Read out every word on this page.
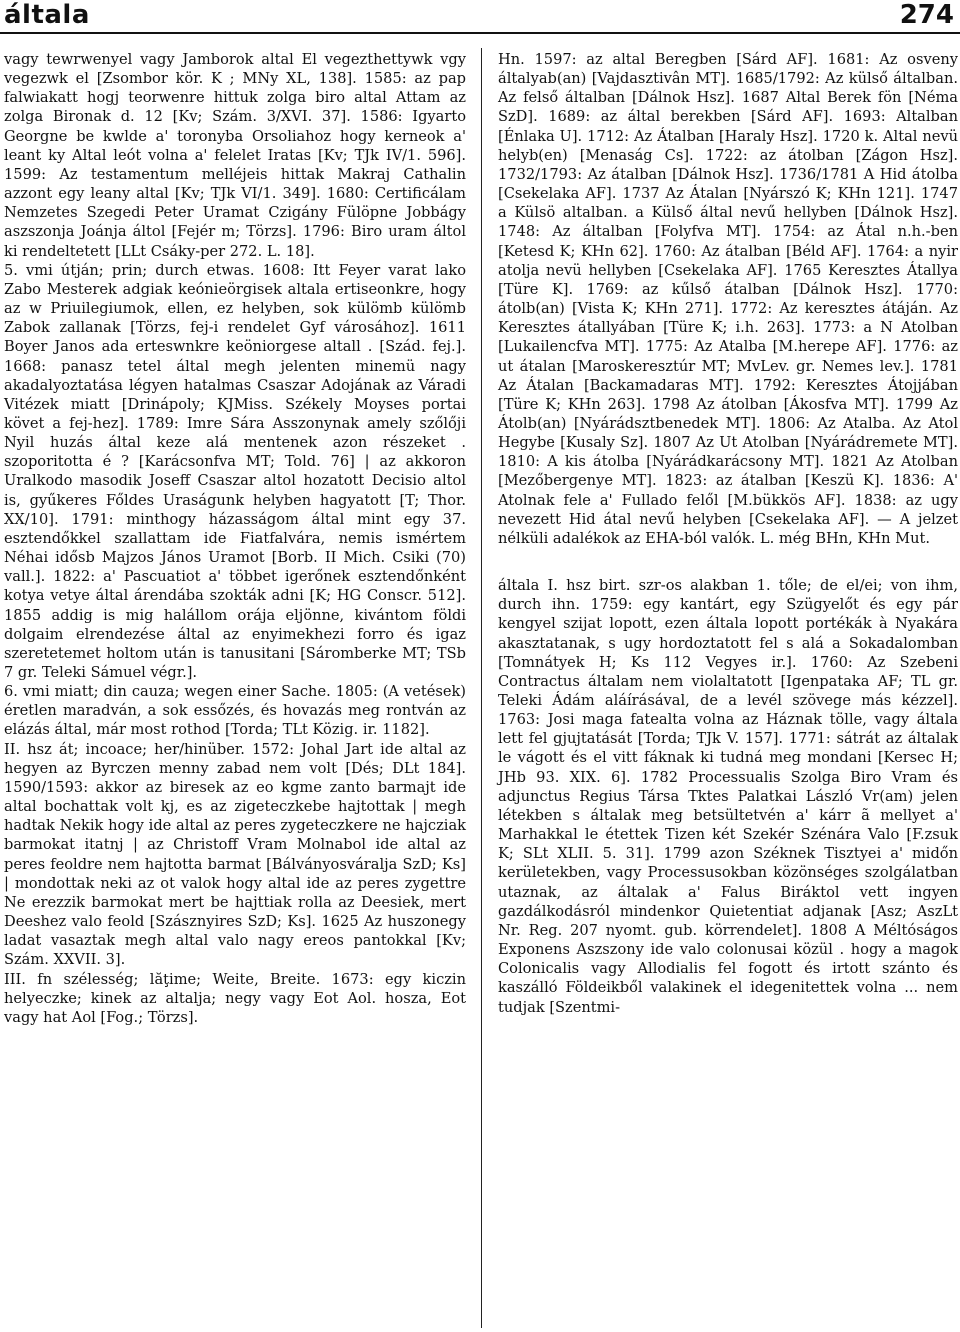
általa	274

vagy tewrwenyel vagy Jamborok altal El vegezthettywk vgy vegezwk el [Zsombor kör. K ; MNy XL, 138]. 1585: az pap falwiakatt hogj teorwenre hittuk zolga biro altal Attam az zolga Bironak d. 12 [Kv; Szám. 3/XVI. 37]. 1586: Igyarto Georgne be kwlde a' toronyba Orsoliahoz hogy kerneok a' leant ky Altal leót volna a' felelet Iratas [Kv; TJk IV/1. 596]. 1599: Az testamentum melléjeis hittak Makraj Cathalin azzont egy leany altal [Kv; TJk VI/1. 349]. 1680: Certificálam Nemzetes Szegedi Peter Uramat Czigány Fülöpne Jobbágy aszszonja Joánja áltol [Fejér m; Törzs]. 1796: Biro uram áltol ki rendeltetett [LLt Csáky-per 272. L. 18].

5. vmi útján; prin; durch etwas. 1608: Itt Feyer varat lako Zabo Mesterek adgiak keónieörgisek altala ertiseonkre, hogy az w Priuilegiumok, ellen, ez helyben, sok külömb külömb Zabok zallanak [Törzs, fej-i rendelet Gyf városához]. 1611 Boyer Janos ada erteswnkre keöniorgese altall . [Szád. fej.]. 1668: panasz tetel által megh jelenten minemü nagy akadalyoztatása légyen hatalmas Csaszar Adojának az Váradi Vitézek miatt [Drinápoly; KJMiss. Székely Moyses portai követ a fej-hez]. 1789: Imre Sára Asszonynak amely szőlőji Nyil huzás által keze alá mentenek azon részeket . szoporitotta é ? [Karácsonfva MT; Told. 76] | az akkoron Uralkodo masodik Joseff Csaszar altol hozatott Decisio altol is, gyűkeres Főldes Uraságunk helyben hagyatott [T; Thor. XX/10]. 1791: minthogy házasságom által mint egy 37. esztendőkkel szallattam ide Fiatfalvára, nemis ismértem Néhai idősb Majzos János Uramot [Borb. II Mich. Csiki (70) vall.]. 1822: a' Pascuatiot a' többet igerőnek esztendőnként kotya vetye által árendába szokták adni [K; HG Conscr. 512]. 1855 addig is mig halállom orája eljönne, kivántom földi dolgaim elrendezése által az enyimekhezi forro és igaz szeretetemet holtom után is tanusitani [Sáromberke MT; TSb 7 gr. Teleki Sámuel végr.].

6. vmi miatt; din cauza; wegen einer Sache. 1805: (A vetések) éretlen maradván, a sok essőzés, és hovazás meg rontván az elázás által, már most rothod [Torda; TLt Közig. ir. 1182].

II. hsz át; incoace; her/hinüber. 1572: Johal Jart ide altal az hegyen az Byrczen menny zabad nem volt [Dés; DLt 184]. 1590/1593: akkor az biresek az eo kgme zanto barmajt ide altal bochattak volt kj, es az zigeteczkebe hajtottak | megh hadtak Nekik hogy ide altal az peres zygeteczkere ne hajcziak barmokat itatnj | az Christoff Vram Molnabol ide altal az peres feoldre nem hajtotta barmat [Bálványosváralja SzD; Ks] | mondottak neki az ot valok hogy altal ide az peres zygettre Ne erezzik barmokat mert be hajttiak rolla az Deesiek, mert Deeshez valo feold [Szásznyires SzD; Ks]. 1625 Az huszonegy ladat vasaztak megh altal valo nagy ereos pantokkal [Kv; Szám. XXVII. 3].

III. fn szélesség; lăţime; Weite, Breite. 1673: egy kiczin helyeczke; kinek az altalja; negy vagy Eot Aol. hosza, Eot vagy hat Aol [Fog.; Törzs].

Hn. 1597: az altal Beregben [Sárd AF]. 1681: Az osveny általyab(an) [Vajdasztivân MT]. 1685/1792: Az külső általban. Az felső általban [Dálnok Hsz]. 1687 Altal Berek fön [Néma SzD]. 1689: az által berekben [Sárd AF]. 1693: Altalban [Énlaka U]. 1712: Az Átalban [Haraly Hsz]. 1720 k. Altal nevü helyb(en) [Menaság Cs]. 1722: az átolban [Zágon Hsz]. 1732/1793: Az átalban [Dálnok Hsz]. 1736/1781 A Hid átolba [Csekelaka AF]. 1737 Az Átalan [Nyárszó K; KHn 121]. 1747 a Külsö altalban. a Külső által nevű hellyben [Dálnok Hsz]. 1748: Az általban [Folyfva MT]. 1754: az Átal n.h.-ben [Ketesd K; KHn 62]. 1760: Az átalban [Béld AF]. 1764: a nyir atolja nevü hellyben [Csekelaka AF]. 1765 Keresztes Átallya [Türe K]. 1769: az kűlső átalban [Dálnok Hsz]. 1770: átolb(an) [Vista K; KHn 271]. 1772: Az keresztes átáján. Az Keresztes átallyában [Türe K; i.h. 263]. 1773: a N Atolban [Lukailencfva MT]. 1775: Az Atalba [M.herepe AF]. 1776: az ut átalan [Maroskeresztúr MT; MvLev. gr. Nemes lev.]. 1781 Az Átalan [Backamadaras MT]. 1792: Keresztes Átojjában [Türe K; KHn 263]. 1798 Az átolban [Ákosfva MT]. 1799 Az Átolb(an) [Nyárádsztbenedek MT]. 1806: Az Atalba. Az Atol Hegybe [Kusaly Sz]. 1807 Az Ut Atolban [Nyárádremete MT]. 1810: A kis átolba [Nyárádkarácsony MT]. 1821 Az Atolban [Mezőbergenye MT]. 1823: az átalban [Keszü K]. 1836: A' Atolnak fele a' Fullado felől [M.bükkös AF]. 1838: az ugy nevezett Hid átal nevű helyben [Csekelaka AF]. — A jelzet nélküli adalékok az EHA-ból valók. L. még BHn, KHn Mut.

általa I. hsz birt. szr-os alakban 1. tőle; de el/ei; von ihm, durch ihn. 1759: egy kantárt, egy Szügyelőt és egy pár kengyel szijat lopott, ezen általa lopott portékák à Nyakára akasztatanak, s ugy hordoztatott fel s alá a Sokadalomban [Tomnátyek H; Ks 112 Vegyes ir.]. 1760: Az Szebeni Contractus általam nem violaltatott [Igenpataka AF; TL gr. Teleki Ádám aláírásával, de a levél szövege más kézzel]. 1763: Josi maga fatealta volna az Háznak tölle, vagy általa lett fel gjujtatását [Torda; TJk V. 157]. 1771: sátrát az általak le vágott és el vitt fáknak ki tudná meg mondani [Kersec H; JHb 93. XIX. 6]. 1782 Processualis Szolga Biro Vram és adjunctus Regius Társa Tktes Palatkai László Vr(am) jelen létekben s általak meg betsültetvén a' kárr ã mellyet a' Marhakkal le étettek Tizen két Szekér Szénára Valo [F.zsuk K; SLt XLII. 5. 31]. 1799 azon Széknek Tisztyei a' midőn kerületekben, vagy Processusokban közönséges szolgálatban utaznak, az általak a' Falus Biráktol vett ingyen gazdálkodásról mindenkor Quietentiat adjanak [Asz; AszLt Nr. Reg. 207 nyomt. gub. körrendelet]. 1808 A Méltóságos Exponens Aszszony ide valo colonusai közül . hogy a magok Colonicalis vagy Allodialis fel fogott és irtott szánto és kaszálló Földeikből valakinek el idegenitettek volna ... nem tudjak [Szentmi-
